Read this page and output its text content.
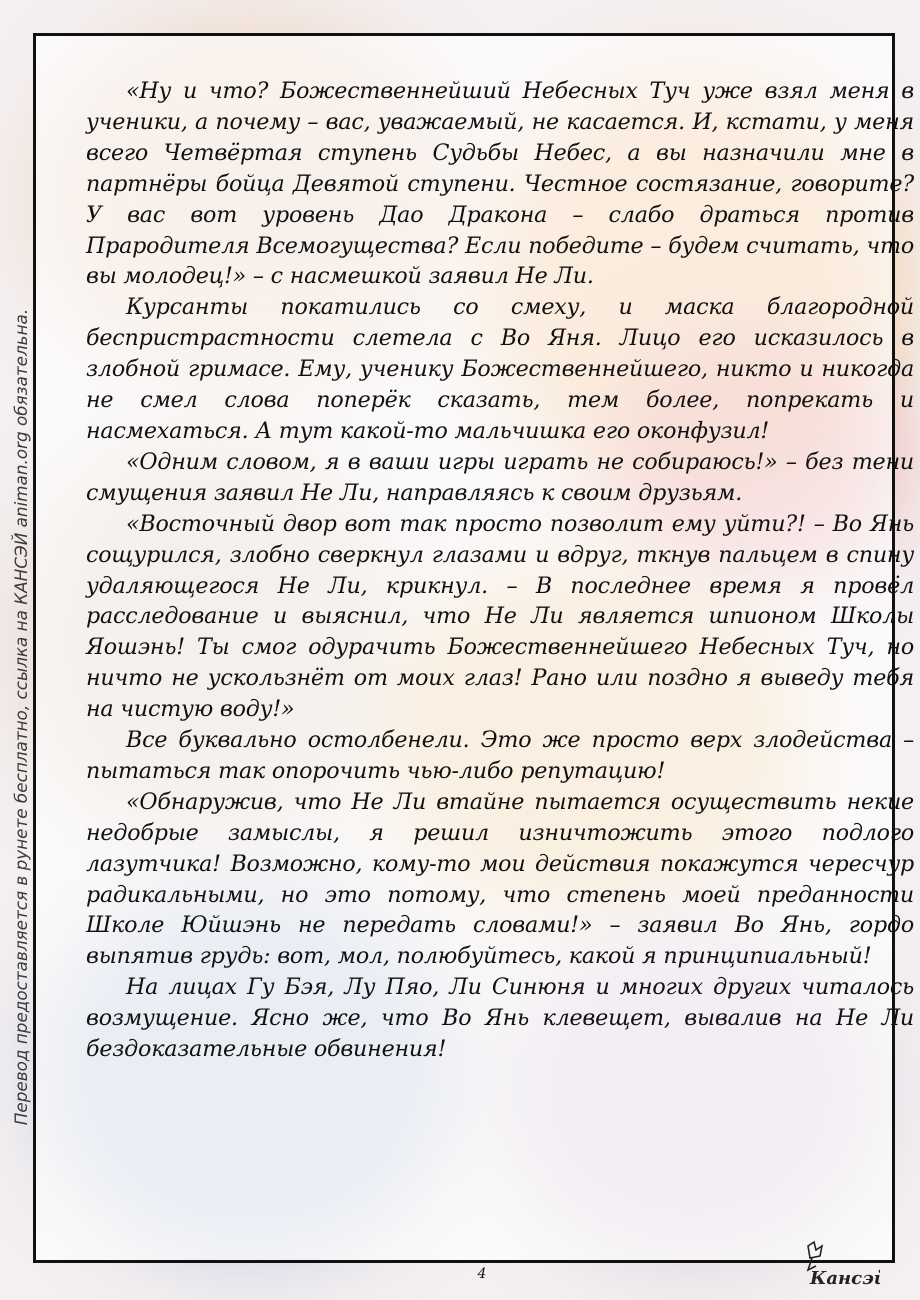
«Ну и что? Божественнейший Небесных Туч уже взял меня в ученики, а почему – вас, уважаемый, не касается. И, кстати, у меня всего Четвёртая ступень Судьбы Небес, а вы назначили мне в партнёры бойца Девятой ступени. Честное состязание, говорите? У вас вот уровень Дао Дракона – слабо драться против Прародителя Всемогущества? Если победите – будем считать, что вы молодец!» – с насмешкой заявил Не Ли.

Курсанты покатились со смеху, и маска благородной беспристрастности слетела с Во Яня. Лицо его исказилось в злобной гримасе. Ему, ученику Божественнейшего, никто и никогда не смел слова поперёк сказать, тем более, попрекать и насмехаться. А тут какой-то мальчишка его оконфузил!

«Одним словом, я в ваши игры играть не собираюсь!» – без тени смущения заявил Не Ли, направляясь к своим друзьям.

«Восточный двор вот так просто позволит ему уйти?! – Во Янь сощурился, злобно сверкнул глазами и вдруг, ткнув пальцем в спину удаляющегося Не Ли, крикнул. – В последнее время я провёл расследование и выяснил, что Не Ли является шпионом Школы Яошэнь! Ты смог одурачить Божественнейшего Небесных Туч, но ничто не ускользнёт от моих глаз! Рано или поздно я выведу тебя на чистую воду!»

Все буквально остолбенели. Это же просто верх злодейства – пытаться так опорочить чью-либо репутацию!

«Обнаружив, что Не Ли втайне пытается осуществить некие недобрые замыслы, я решил изничтожить этого подлого лазутчика! Возможно, кому-то мои действия покажутся чересчур радикальными, но это потому, что степень моей преданности Школе Юйшэнь не передать словами!» – заявил Во Янь, гордо выпятив грудь: вот, мол, полюбуйтесь, какой я принципиальный!

На лицах Гу Бэя, Лу Пяо, Ли Синюня и многих других читалось возмущение. Ясно же, что Во Янь клевещет, вывалив на Не Ли бездоказательные обвинения!

Перевод предоставляется в рунете бесплатно, ссылка на КАНСЭЙ animan.org обязательна.
4	Кансэй
